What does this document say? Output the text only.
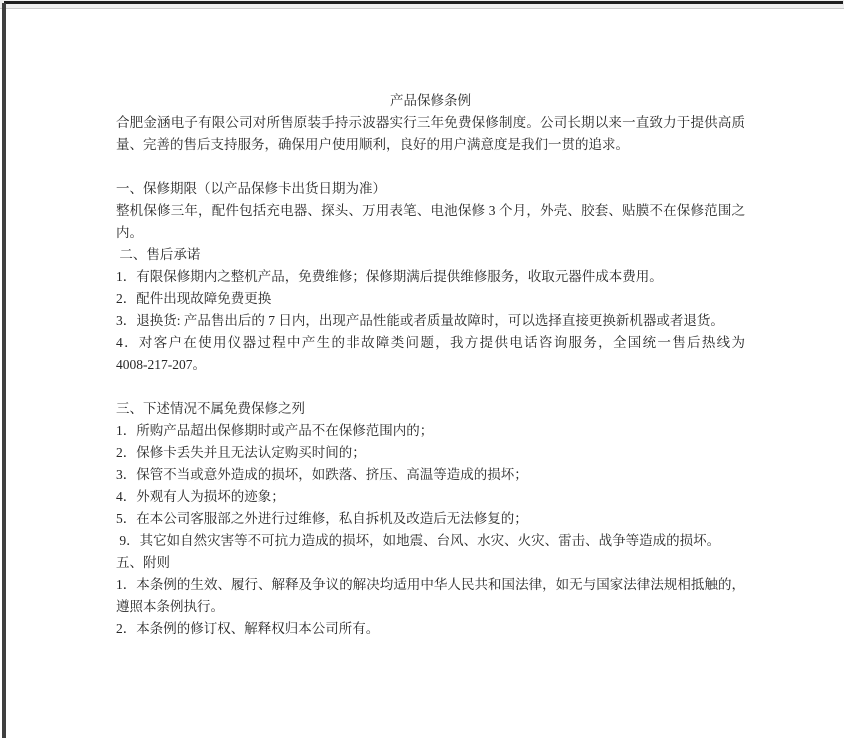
产品保修条例
合肥金涵电子有限公司对所售原装手持示波器实行三年免费保修制度。公司长期以来一直致力于提供高质
量、完善的售后支持服务，确保用户使用顺利，良好的用户满意度是我们一贯的追求。
一、保修期限（以产品保修卡出货日期为准）
整机保修三年，配件包括充电器、探头、万用表笔、电池保修 3 个月，外壳、胶套、贴膜不在保修范围之
内。
二、售后承诺
1．有限保修期内之整机产品，免费维修；保修期满后提供维修服务，收取元器件成本费用。
2．配件出现故障免费更换
3．退换货: 产品售出后的 7 日内，出现产品性能或者质量故障时，可以选择直接更换新机器或者退货。
4．对客户在使用仪器过程中产生的非故障类问题，我方提供电话咨询服务，全国统一售后热线为
4008-217-207。
三、下述情况不属免费保修之列
1．所购产品超出保修期时或产品不在保修范围内的；
2．保修卡丢失并且无法认定购买时间的；
3．保管不当或意外造成的损坏，如跌落、挤压、高温等造成的损坏；
4．外观有人为损坏的迹象；
5．在本公司客服部之外进行过维修，私自拆机及改造后无法修复的；
9．其它如自然灾害等不可抗力造成的损坏，如地震、台风、水灾、火灾、雷击、战争等造成的损坏。
五、附则
1．本条例的生效、履行、解释及争议的解决均适用中华人民共和国法律，如无与国家法律法规相抵触的，
遵照本条例执行。
2．本条例的修订权、解释权归本公司所有。
